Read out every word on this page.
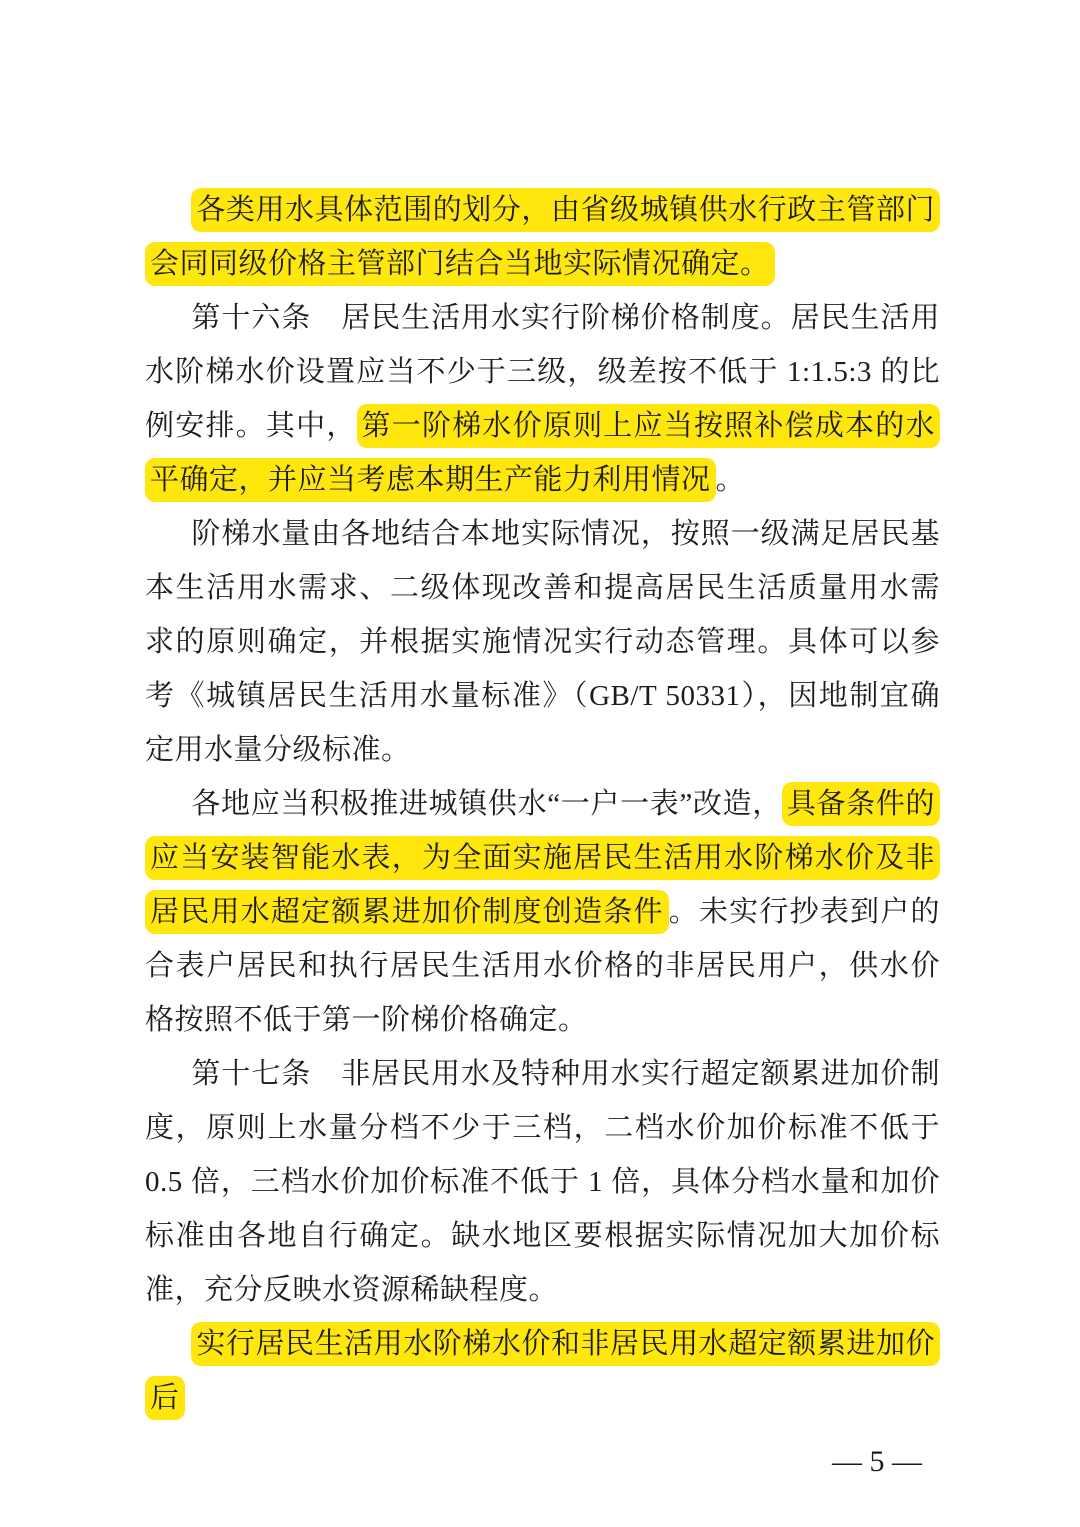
各类用水具体范围的划分，由省级城镇供水行政主管部门会同同级价格主管部门结合当地实际情况确定。

第十六条　居民生活用水实行阶梯价格制度。居民生活用水阶梯水价设置应当不少于三级，级差按不低于 1:1.5:3 的比例安排。其中， 第一阶梯水价原则上应当按照补偿成本的水平确定，并应当考虑本期生产能力利用情况 。

阶梯水量由各地结合本地实际情况，按照一级满足居民基本生活用水需求、二级体现改善和提高居民生活质量用水需求的原则确定，并根据实施情况实行动态管理。具体可以参考《城镇居民生活用水量标准》（GB/T 50331），因地制宜确定用水量分级标准。

各地应当积极推进城镇供水“一户一表”改造， 具备条件的应当安装智能水表，为全面实施居民生活用水阶梯水价及非居民用水超定额累进加价制度创造条件 。未实行抄表到户的合表户居民和执行居民生活用水价格的非居民用户，供水价格按照不低于第一阶梯价格确定。

第十七条　非居民用水及特种用水实行超定额累进加价制度，原则上水量分档不少于三档，二档水价加价标准不低于 0.5 倍，三档水价加价标准不低于 1 倍，具体分档水量和加价标准由各地自行确定。缺水地区要根据实际情况加大加价标准，充分反映水资源稀缺程度。

实行居民生活用水阶梯水价和非居民用水超定额累进加价后

— 5 —
